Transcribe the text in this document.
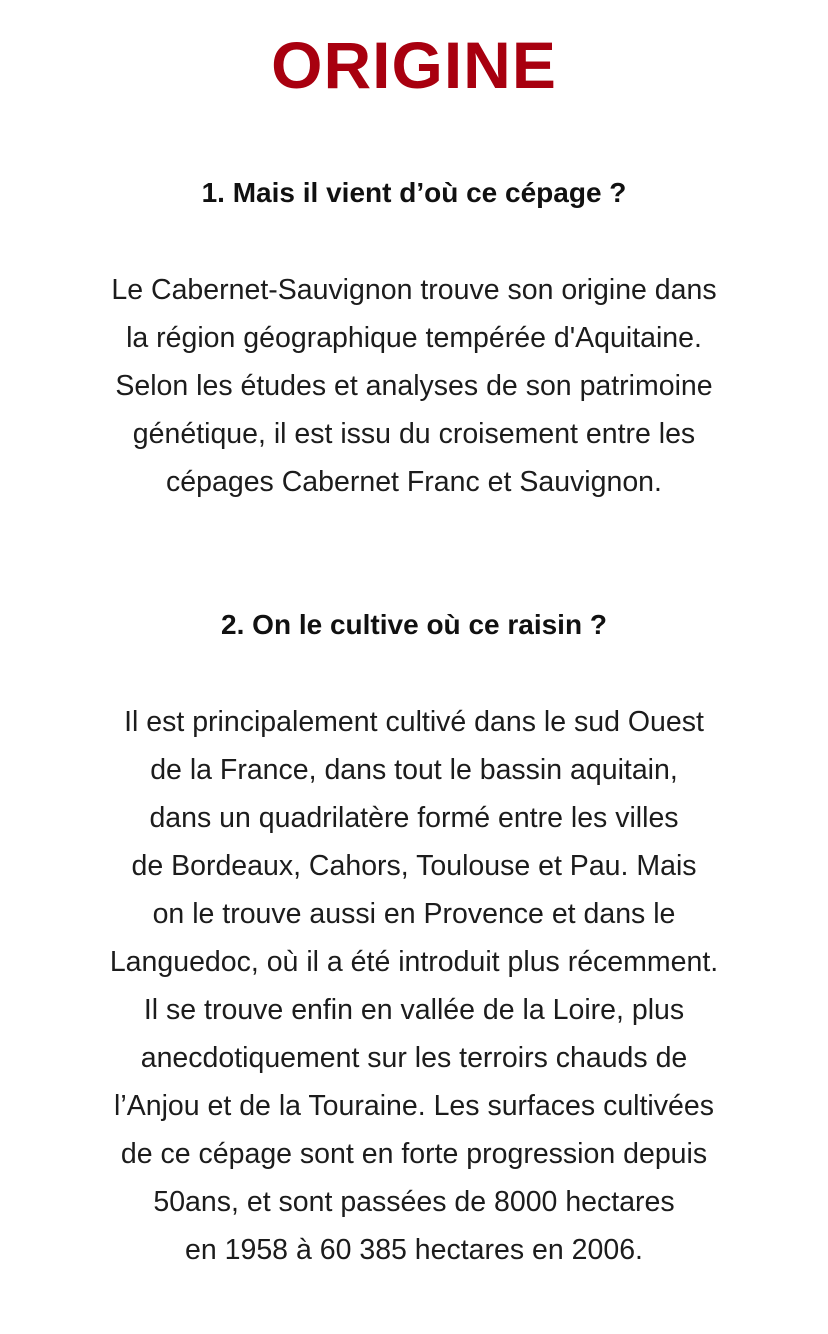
ORIGINE
1. Mais il vient d’où ce cépage ?
Le Cabernet-Sauvignon trouve son origine dans
la région géographique tempérée d'Aquitaine.
Selon les études et analyses de son patrimoine
génétique, il est issu du croisement entre les
cépages Cabernet Franc et Sauvignon.
2. On le cultive où ce raisin ?
Il est principalement cultivé dans le sud Ouest
de la France, dans tout le bassin aquitain,
dans un quadrilatère formé entre les villes
de Bordeaux, Cahors, Toulouse et Pau. Mais
on le trouve aussi en Provence et dans le
Languedoc, où il a été introduit plus récemment.
Il se trouve enfin en vallée de la Loire, plus
anecdotiquement sur les terroirs chauds de
l’Anjou et de la Touraine. Les surfaces cultivées
de ce cépage sont en forte progression depuis
50ans, et sont passées de 8000 hectares
en 1958 à 60 385 hectares en 2006.
